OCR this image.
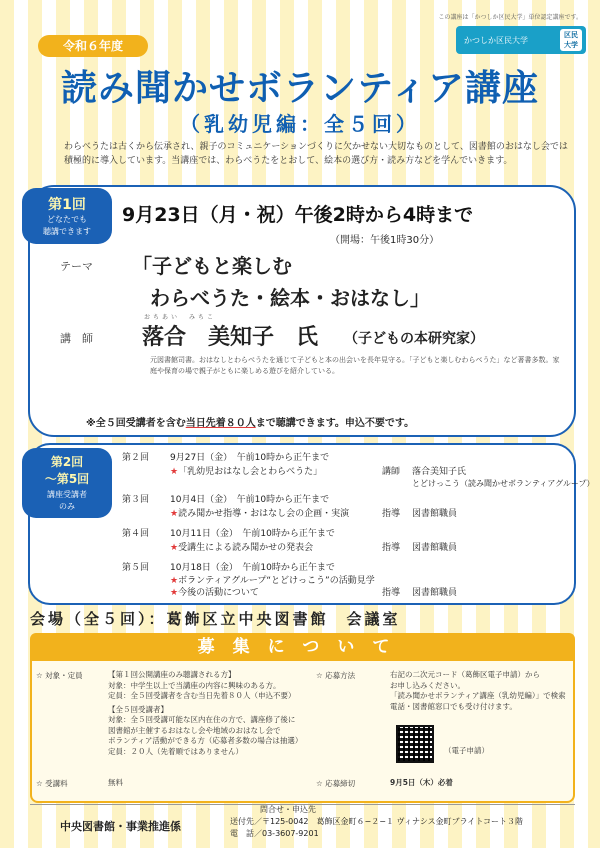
この講座は「かつしか区民大学」単位認定講座です。
かつしか区民大学
区民
大学
令和６年度
読み聞かせボランティア講座
（乳幼児編：全５回）
わらべうたは古くから伝承され、親子のコミュニケーションづくりに欠かせない大切なものとして、図書館のおはなし会では積極的に導入しています。当講座では、わらべうたをとおして、絵本の選び方・読み方などを学んでいきます。
第1回
どなたでも
聴講できます
9月23日（月・祝）午後2時から4時まで
（開場：午後1時30分）
テーマ 「子どもと楽しむ
わらべうた・絵本・おはなし」
講　師
おちあい　みちこ
落合　美知子　氏 （子どもの本研究家）
元図書館司書。おはなしとわらべうたを通じて子どもと本の出会いを長年見守る。「子どもと楽しむわらべうた」など著書多数。家庭や保育の場で親子がともに楽しめる遊びを紹介している。
※全５回受講者を含む当日先着８０人まで聴講できます。申込不要です。
第2回
〜第5回
講座受講者
のみ
第２回 9月27日（金）　午前10時から正午まで
★「乳幼児おはなし会とわらべうた」	講師 落合美知子氏
とどけっこう（読み聞かせボランティアグループ）
第３回 10月4日（金）　午前10時から正午まで
★読み聞かせ指導・おはなし会の企画・実演	指導 図書館職員
第４回 10月11日（金）　午前10時から正午まで
★受講生による読み聞かせの発表会	指導 図書館職員
第５回 10月18日（金）　午前10時から正午まで
★ボランティアグループ“とどけっこう”の活動見学
★今後の活動について	指導 図書館職員
会場（全５回）：葛飾区立中央図書館　会議室
募集について
☆ 対象・定員	【第１回公開講座のみ聴講される方】
対象：中学生以上で当講座の内容に興味のある方。
定員：全５回受講者を含む当日先着８０人（申込不要）
【全５回受講者】
対象：全５回受講可能な区内在住の方で、講座修了後に
図書館が主催するおはなし会や地域のおはなし会で
ボランティア活動ができる方（応募者多数の場合は抽選）
定員：２０人（先着順ではありません）
☆ 受講料	無料
☆ 応募方法	右記の二次元コード（葛飾区電子申請）から
お申し込みください。
「読み聞かせボランティア講座（乳幼児編）」で検索
電話・図書館窓口でも受け付けます。
（電子申請）
☆ 応募締切	9月5日（木）必着
問合せ・申込先
中央図書館・事業推進係	送付先／〒125-0042　葛飾区金町６−２−１ ヴィナシス金町ブライトコート３階
電　話／03-3607-9201
